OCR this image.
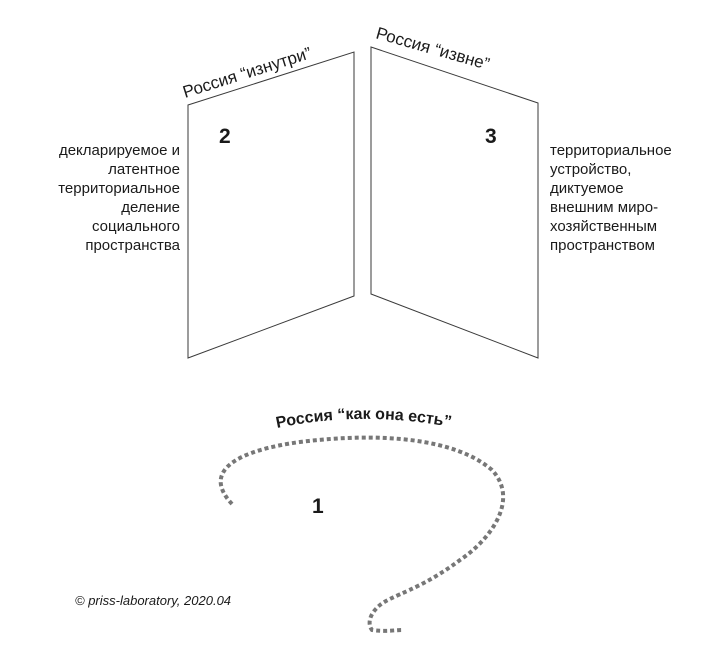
Россия “изнутри”
Россия “извне”
Россия “как она есть”
2	3
1
декларируемое и
латентное
территориальное
деление
социального
пространства
территориальное
устройство,
диктуемое
внешним миро-
хозяйственным
пространством
© priss-laboratory, 2020.04
